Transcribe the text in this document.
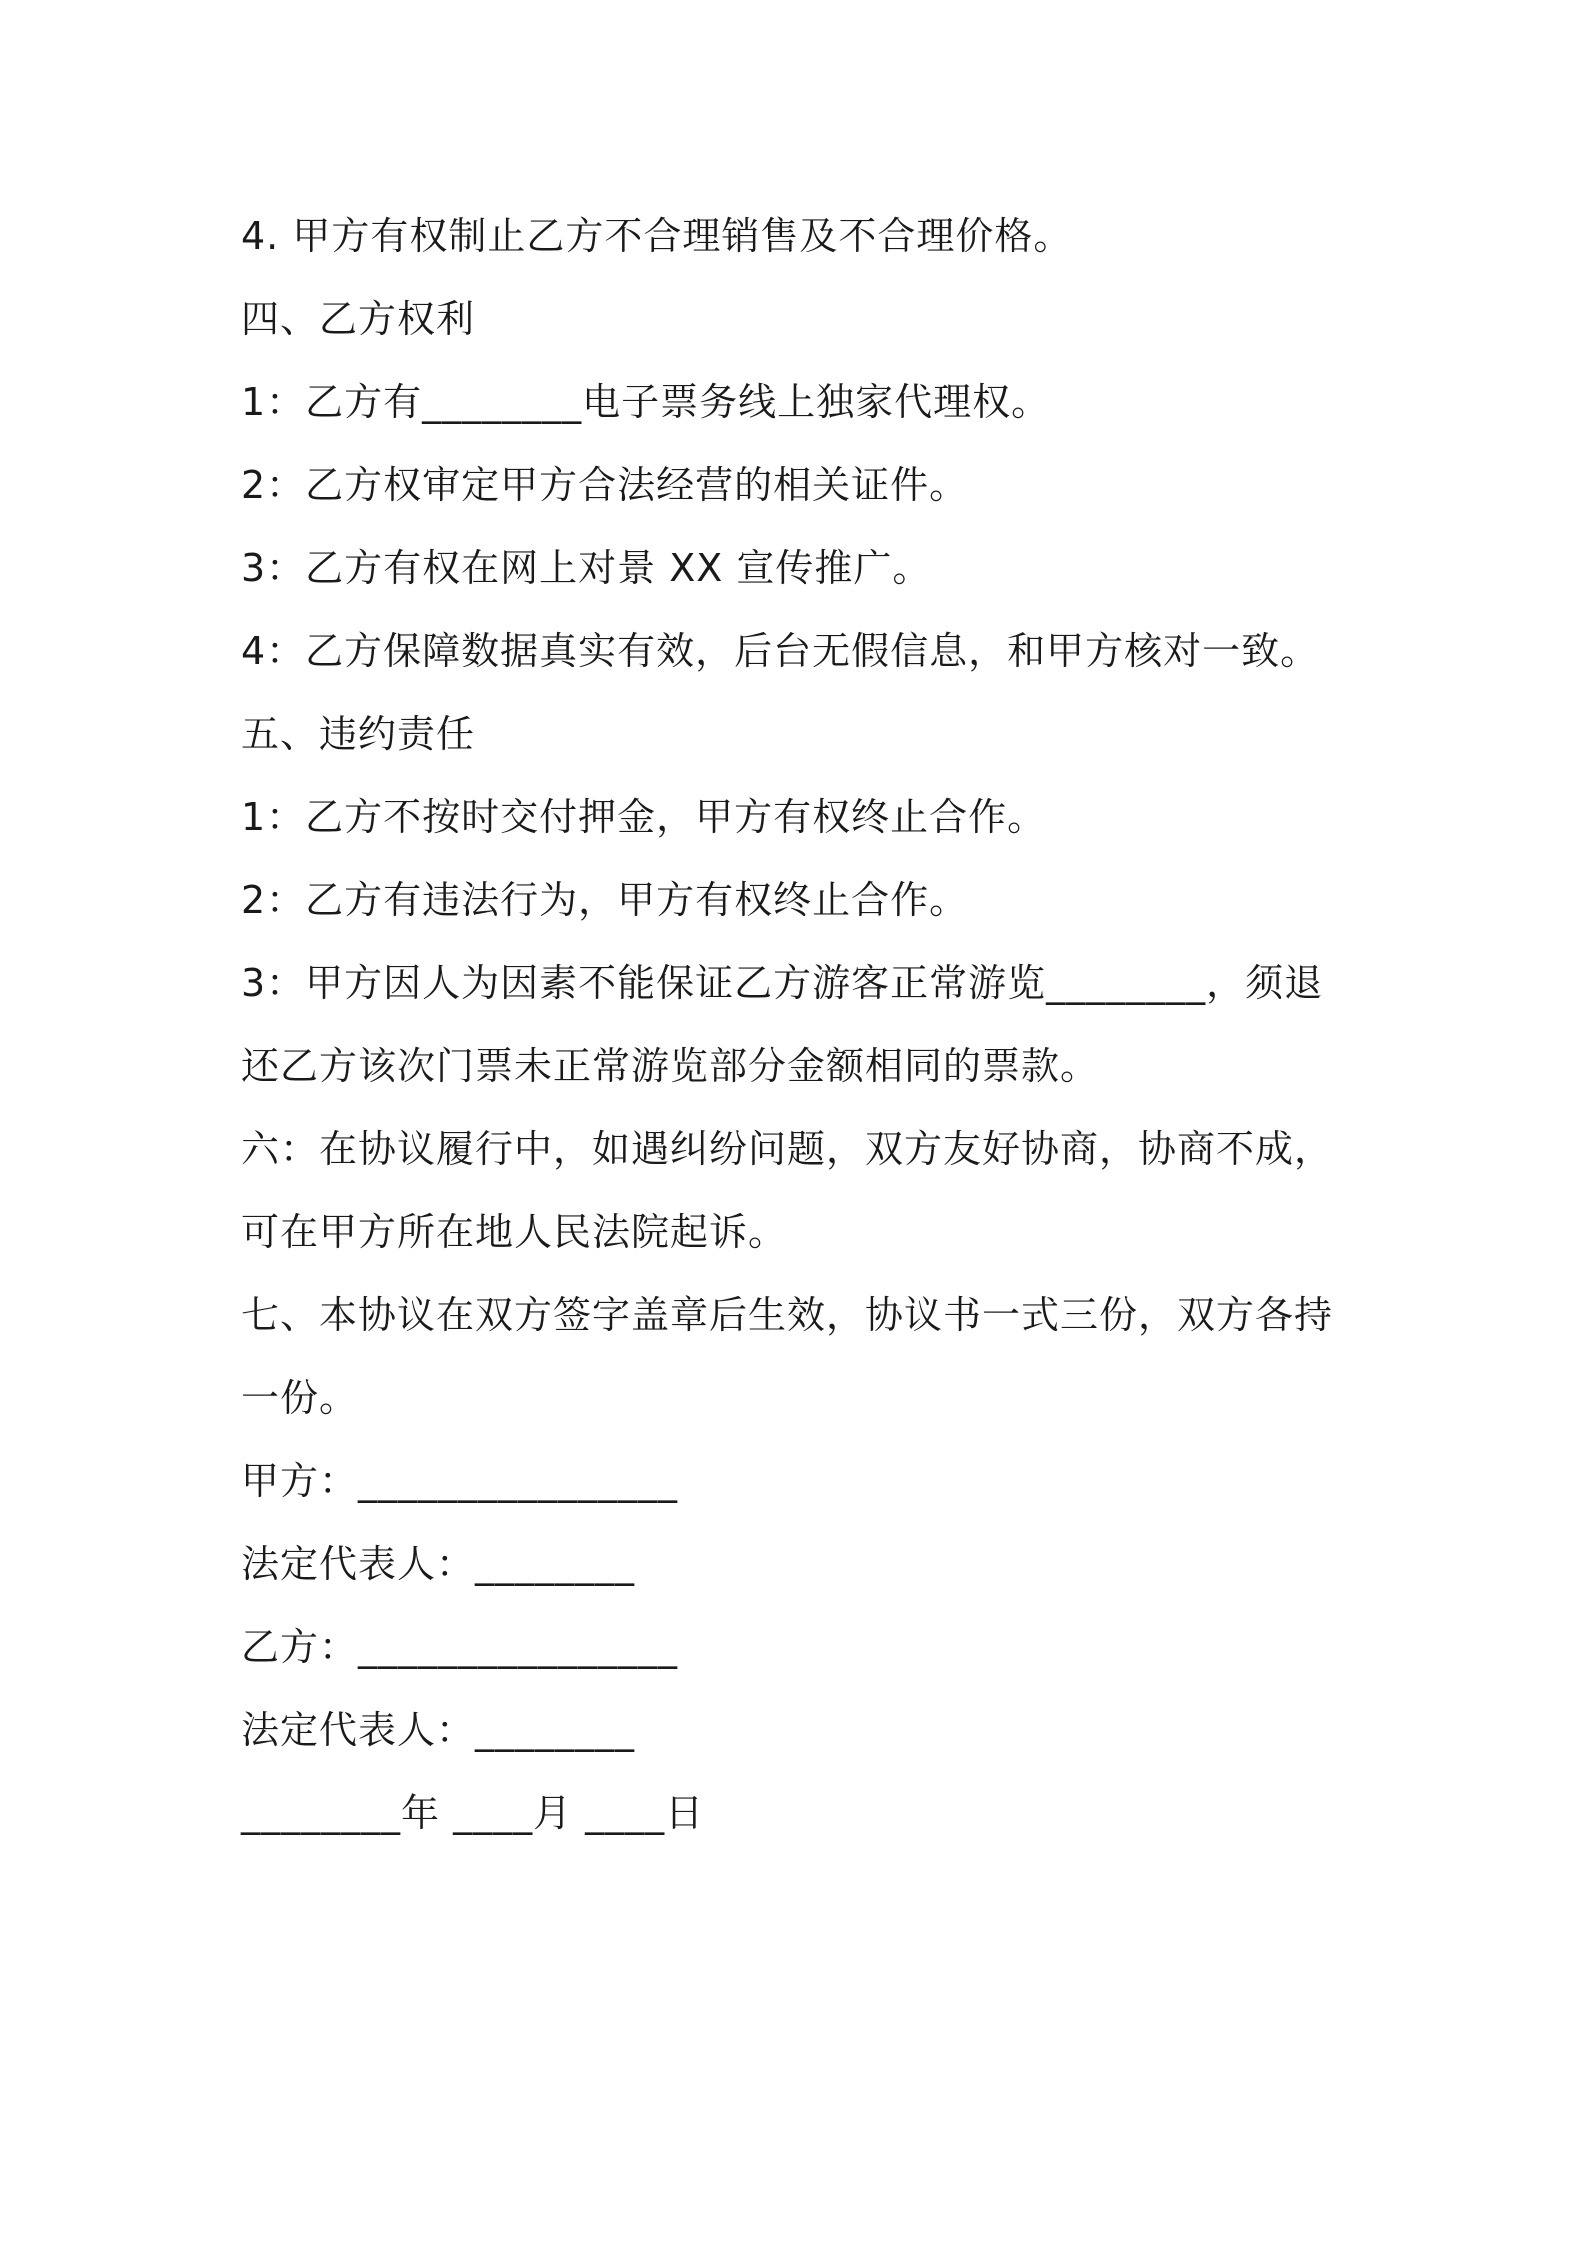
4. 甲方有权制止乙方不合理销售及不合理价格。
四、乙方权利
1：乙方有________电子票务线上独家代理权。
2：乙方权审定甲方合法经营的相关证件。
3：乙方有权在网上对景 XX 宣传推广。
4：乙方保障数据真实有效，后台无假信息，和甲方核对一致。
五、违约责任
1：乙方不按时交付押金，甲方有权终止合作。
2：乙方有违法行为，甲方有权终止合作。
3：甲方因人为因素不能保证乙方游客正常游览________，须退
还乙方该次门票未正常游览部分金额相同的票款。
六：在协议履行中，如遇纠纷问题，双方友好协商，协商不成，
可在甲方所在地人民法院起诉。
七、本协议在双方签字盖章后生效，协议书一式三份，双方各持
一份。
甲方：________________
法定代表人：________
乙方：________________
法定代表人：________
________年 ____月 ____日
